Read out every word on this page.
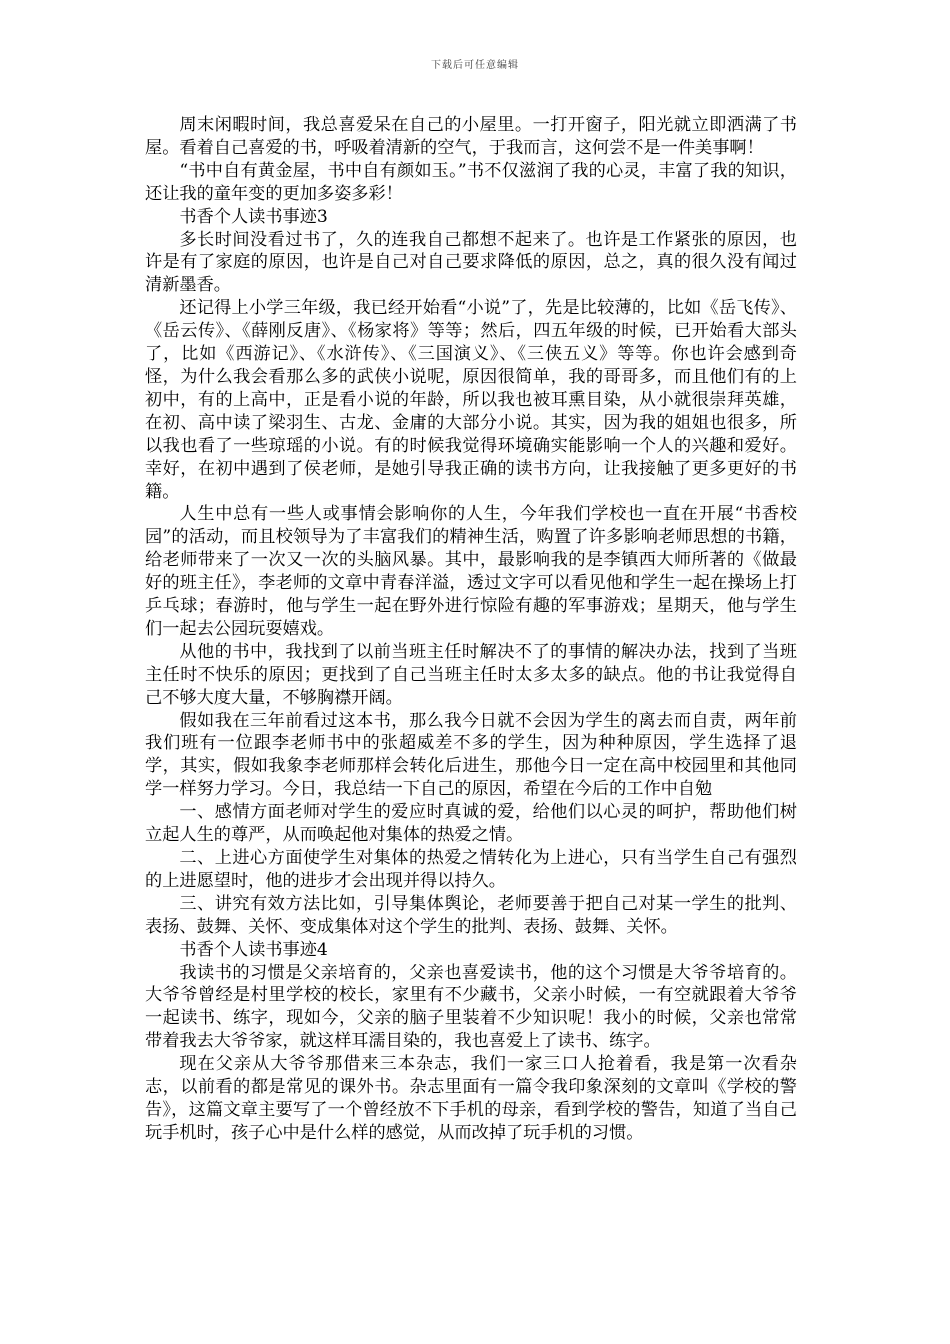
下载后可任意编辑

周末闲暇时间，我总喜爱呆在自己的小屋里。一打开窗子，阳光就立即洒满了书屋。看着自己喜爱的书，呼吸着清新的空气，于我而言，这何尝不是一件美事啊！

“书中自有黄金屋，书中自有颜如玉。”书不仅滋润了我的心灵，丰富了我的知识，还让我的童年变的更加多姿多彩！

书香个人读书事迹3

多长时间没看过书了，久的连我自己都想不起来了。也许是工作紧张的原因，也许是有了家庭的原因，也许是自己对自己要求降低的原因，总之，真的很久没有闻过清新墨香。

还记得上小学三年级，我已经开始看“小说”了，先是比较薄的，比如《岳飞传》、《岳云传》、《薛刚反唐》、《杨家将》等等；然后，四五年级的时候，已开始看大部头了，比如《西游记》、《水浒传》、《三国演义》、《三侠五义》等等。你也许会感到奇怪，为什么我会看那么多的武侠小说呢，原因很简单，我的哥哥多，而且他们有的上初中，有的上高中，正是看小说的年龄，所以我也被耳熏目染，从小就很崇拜英雄，在初、高中读了梁羽生、古龙、金庸的大部分小说。其实，因为我的姐姐也很多，所以我也看了一些琼瑶的小说。有的时候我觉得环境确实能影响一个人的兴趣和爱好。幸好，在初中遇到了侯老师，是她引导我正确的读书方向，让我接触了更多更好的书籍。

人生中总有一些人或事情会影响你的人生，今年我们学校也一直在开展“书香校园”的活动，而且校领导为了丰富我们的精神生活，购置了许多影响老师思想的书籍，给老师带来了一次又一次的头脑风暴。其中，最影响我的是李镇西大师所著的《做最好的班主任》，李老师的文章中青春洋溢，透过文字可以看见他和学生一起在操场上打乒乓球；春游时，他与学生一起在野外进行惊险有趣的军事游戏；星期天，他与学生们一起去公园玩耍嬉戏。

从他的书中，我找到了以前当班主任时解决不了的事情的解决办法，找到了当班主任时不快乐的原因；更找到了自己当班主任时太多太多的缺点。他的书让我觉得自己不够大度大量，不够胸襟开阔。

假如我在三年前看过这本书，那么我今日就不会因为学生的离去而自责，两年前我们班有一位跟李老师书中的张超威差不多的学生，因为种种原因，学生选择了退学，其实，假如我象李老师那样会转化后进生，那他今日一定在高中校园里和其他同学一样努力学习。今日，我总结一下自己的原因，希望在今后的工作中自勉

一、感情方面老师对学生的爱应时真诚的爱，给他们以心灵的呵护，帮助他们树立起人生的尊严，从而唤起他对集体的热爱之情。

二、上进心方面使学生对集体的热爱之情转化为上进心，只有当学生自己有强烈的上进愿望时，他的进步才会出现并得以持久。

三、讲究有效方法比如，引导集体舆论，老师要善于把自己对某一学生的批判、表扬、鼓舞、关怀、变成集体对这个学生的批判、表扬、鼓舞、关怀。

书香个人读书事迹4

我读书的习惯是父亲培育的，父亲也喜爱读书，他的这个习惯是大爷爷培育的。大爷爷曾经是村里学校的校长，家里有不少藏书，父亲小时候，一有空就跟着大爷爷一起读书、练字，现如今，父亲的脑子里装着不少知识呢！我小的时候，父亲也常常带着我去大爷爷家，就这样耳濡目染的，我也喜爱上了读书、练字。

现在父亲从大爷爷那借来三本杂志，我们一家三口人抢着看，我是第一次看杂志，以前看的都是常见的课外书。杂志里面有一篇令我印象深刻的文章叫《学校的警告》，这篇文章主要写了一个曾经放不下手机的母亲，看到学校的警告，知道了当自己玩手机时，孩子心中是什么样的感觉，从而改掉了玩手机的习惯。
